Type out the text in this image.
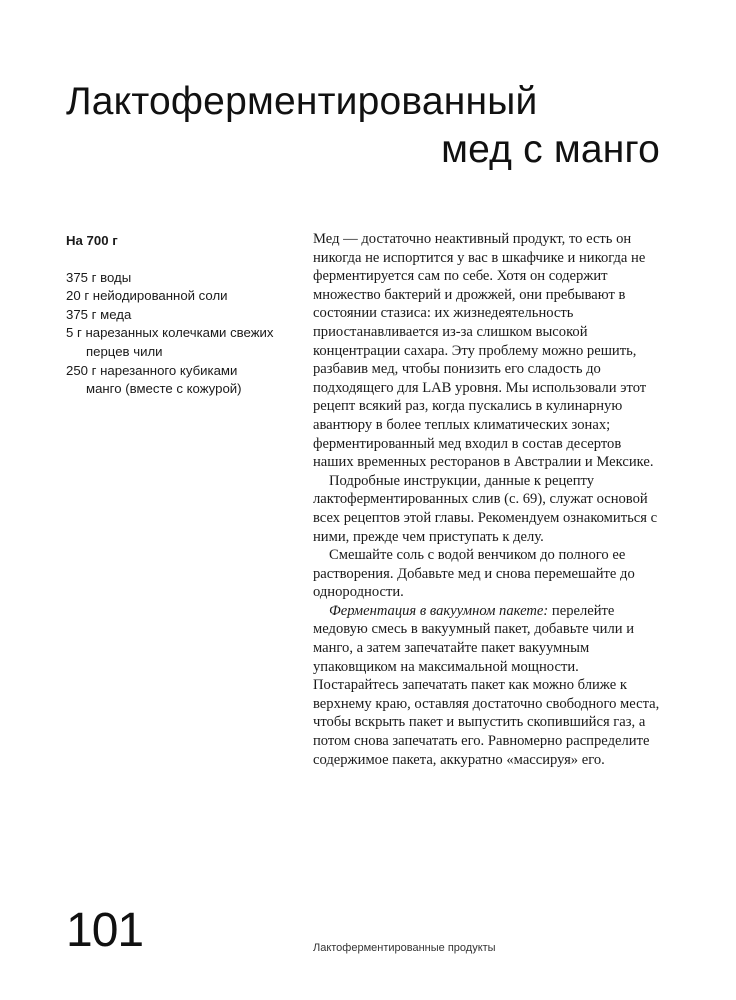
Лактоферментированный
мед с манго
На 700 г
375 г воды
20 г нейодированной соли
375 г меда
5 г нарезанных колечками свежих перцев чили
250 г нарезанного кубиками манго (вместе с кожурой)

Мед — достаточно неактивный продукт, то есть он никогда не испортится у вас в шкафчике и никогда не ферментируется сам по себе. Хотя он содержит множество бактерий и дрожжей, они пребывают в состоянии стазиса: их жизнедеятельность приостанавливается из-за слишком высокой концентрации сахара. Эту проблему можно решить, разбавив мед, чтобы понизить его сладость до подходящего для LAB уровня. Мы использовали этот рецепт всякий раз, когда пускались в кулинарную авантюру в более теплых климатических зонах; ферментированный мед входил в состав десертов наших временных ресторанов в Австралии и Мексике.

Подробные инструкции, данные к рецепту лактоферментированных слив (с. 69), служат основой всех рецептов этой главы. Рекомендуем ознакомиться с ними, прежде чем приступать к делу.

Смешайте соль с водой венчиком до полного ее растворения. Добавьте мед и снова перемешайте до однородности.

Ферментация в вакуумном пакете: перелейте медовую смесь в вакуумный пакет, добавьте чили и манго, а затем запечатайте пакет вакуумным упаковщиком на максимальной мощности. Постарайтесь запечатать пакет как можно ближе к верхнему краю, оставляя достаточно свободного места, чтобы вскрыть пакет и выпустить скопившийся газ, а потом снова запечатать его. Равномерно распределите содержимое пакета, аккуратно «массируя» его.

101	Лактоферментированные продукты
